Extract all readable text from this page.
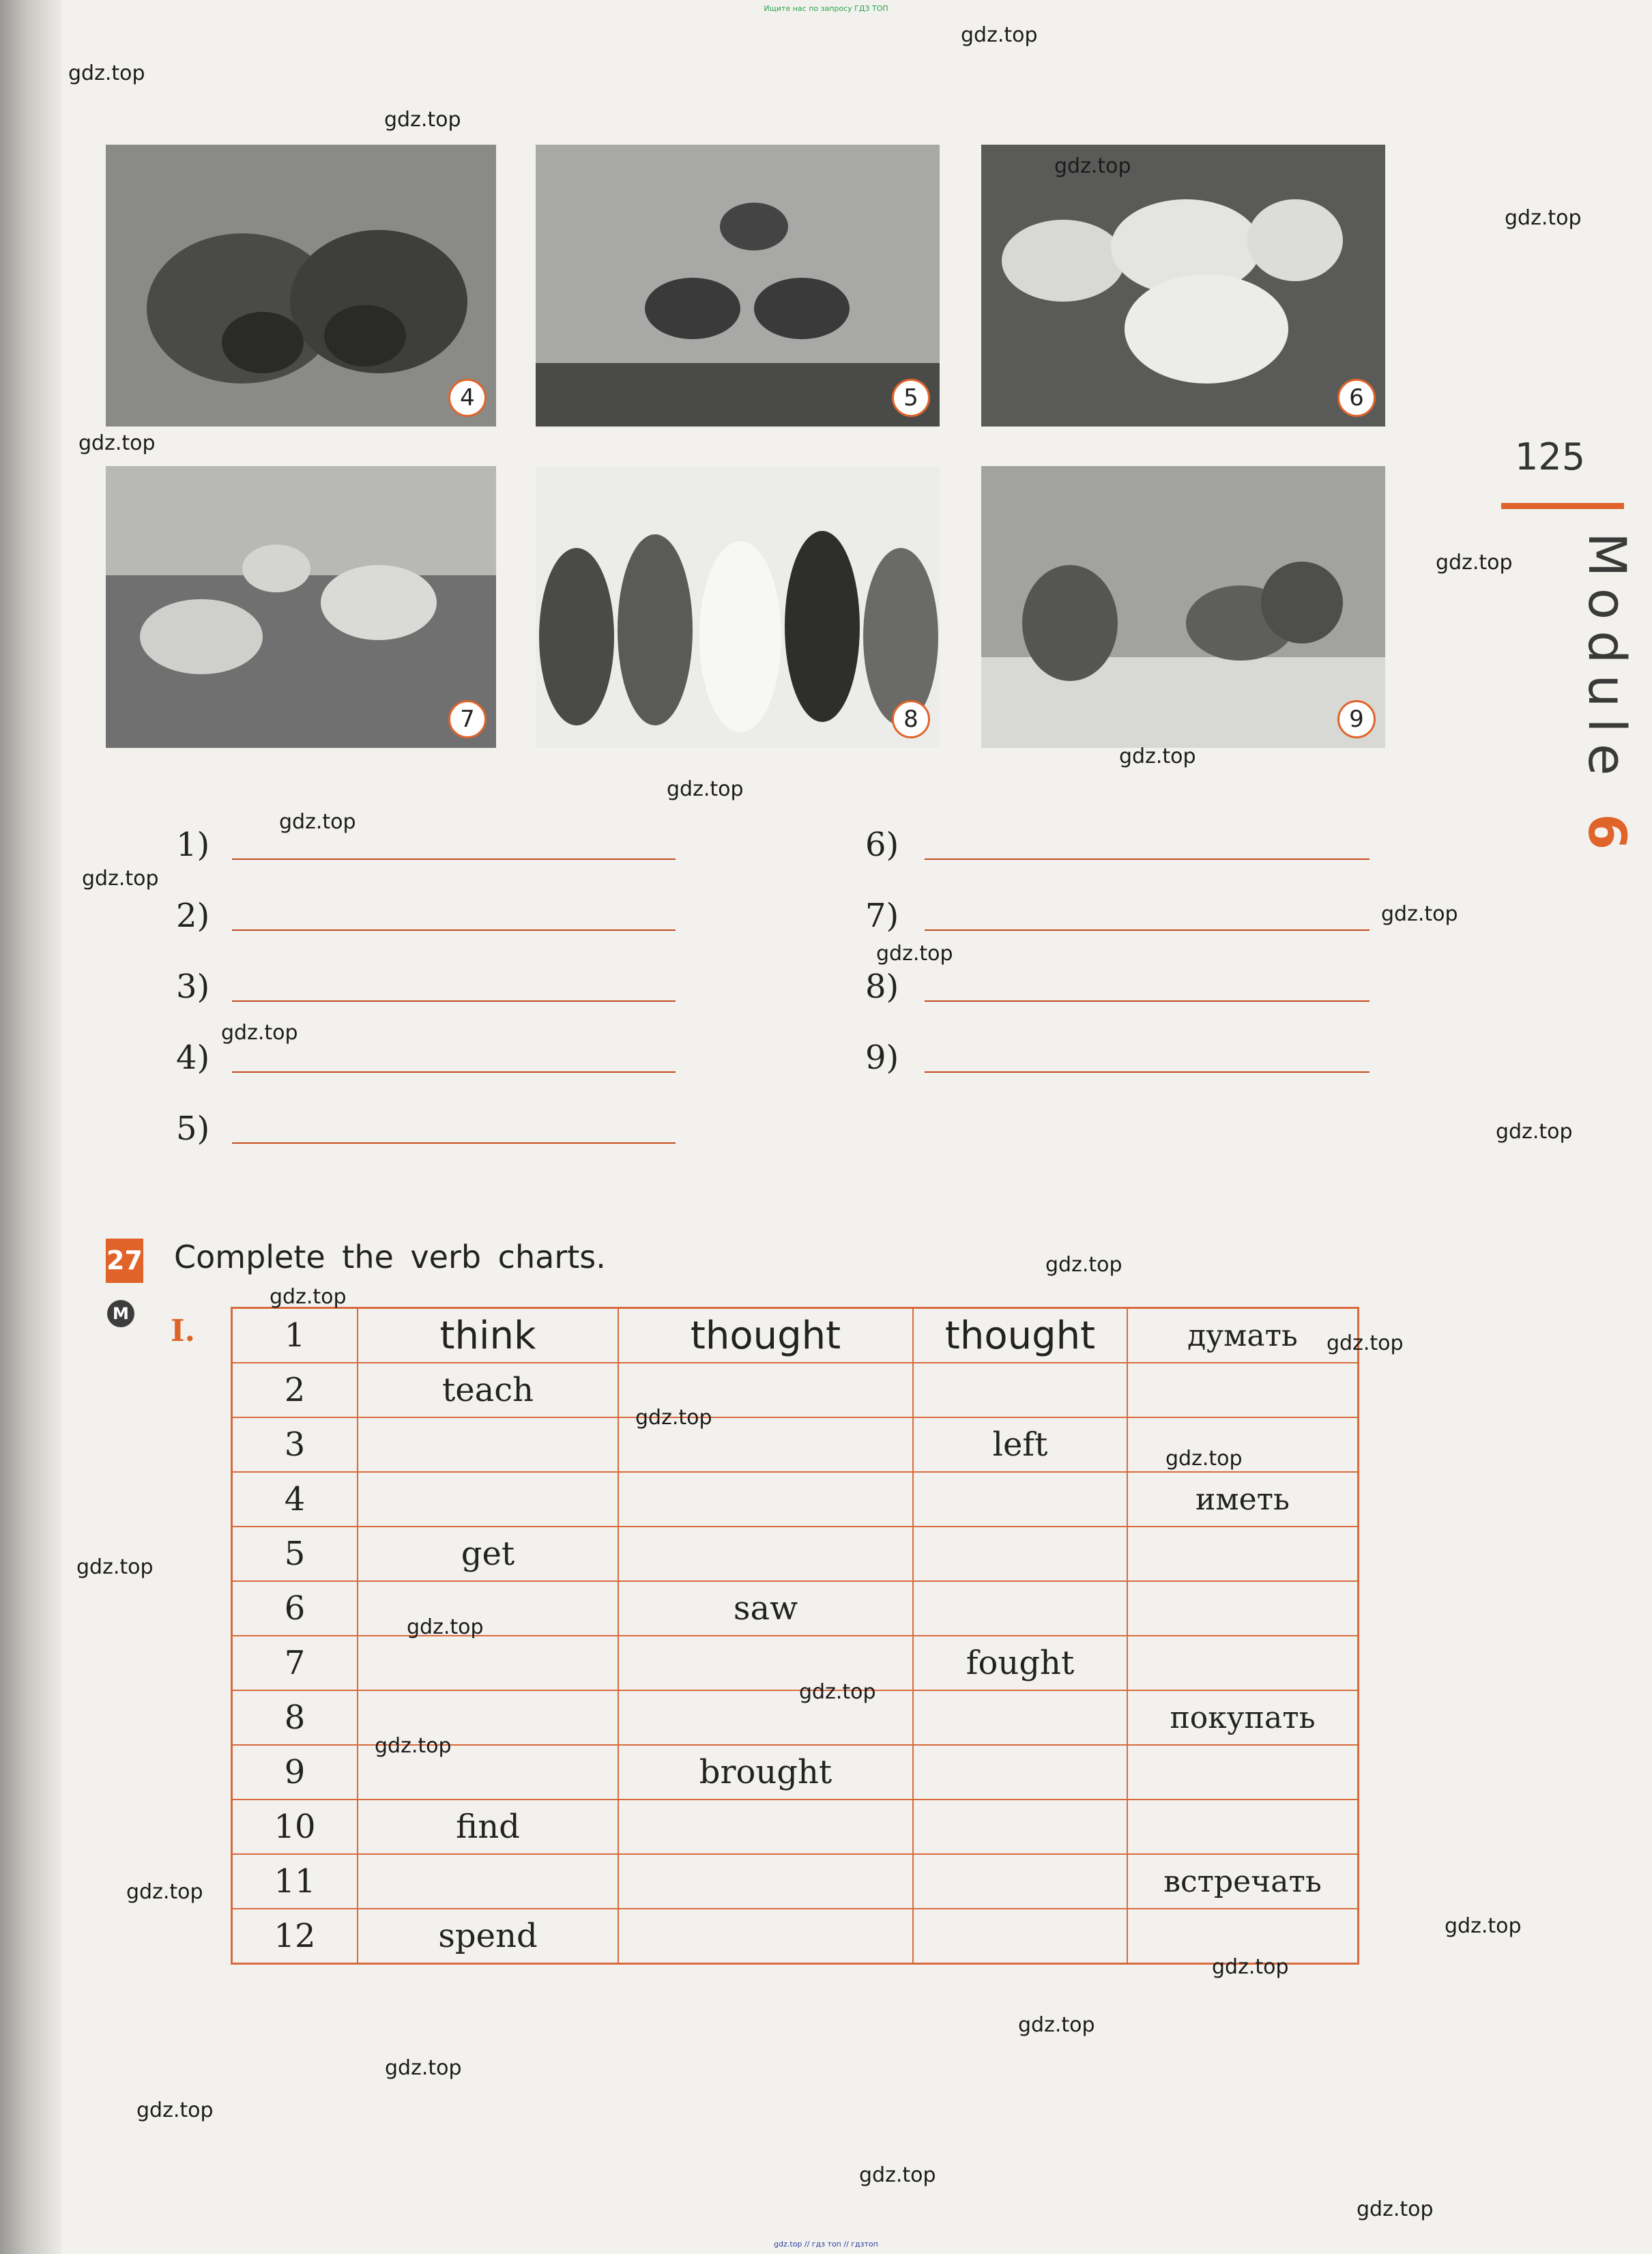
Ищите нас по запросу ГДЗ ТОП
4	5	6
7	8	9
125
Module 6
1)
2)
3)
4)
5)
6)
7)
8)
9)
27 Complete the verb charts.
M I.	1	think	thought	thought	думать
2	teach			
3			left	
4				иметь
5	get			
6		saw		
7			fought	
8				покупать
9		brought		
10	find			
11				встречать
12	spend			
gdz.top
gdz.top
gdz.top
gdz.top
gdz.top
gdz.top
gdz.top
gdz.top
gdz.top
gdz.top
gdz.top
gdz.top
gdz.top
gdz.top
gdz.top
gdz.top
gdz.top
gdz.top
gdz.top
gdz.top
gdz.top
gdz.top
gdz.top
gdz.top
gdz.top
gdz.top
gdz.top
gdz.top
gdz.top
gdz.top
gdz.top
gdz.top
gdz.top // гдз топ // гдзтоп
